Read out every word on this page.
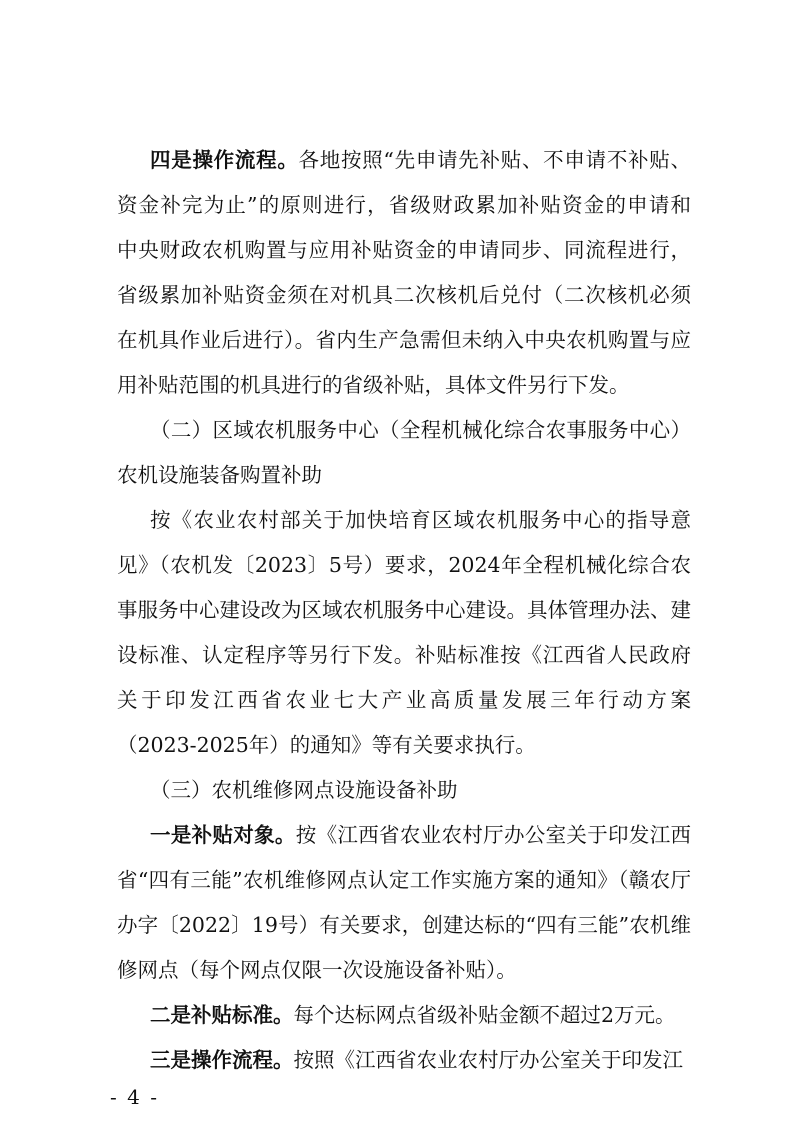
四是操作流程。各地按照“先申请先补贴、不申请不补贴、
资金补完为止”的原则进行，省级财政累加补贴资金的申请和
中央财政农机购置与应用补贴资金的申请同步、同流程进行，
省级累加补贴资金须在对机具二次核机后兑付（二次核机必须
在机具作业后进行）。省内生产急需但未纳入中央农机购置与应
用补贴范围的机具进行的省级补贴，具体文件另行下发。
（二）区域农机服务中心（全程机械化综合农事服务中心）
农机设施装备购置补助
按《农业农村部关于加快培育区域农机服务中心的指导意
见》（农机发〔2023〕5号）要求，2024年全程机械化综合农
事服务中心建设改为区域农机服务中心建设。具体管理办法、建
设标准、认定程序等另行下发。补贴标准按《江西省人民政府
关于印发江西省农业七大产业高质量发展三年行动方案
（2023-2025年）的通知》等有关要求执行。
（三）农机维修网点设施设备补助
一是补贴对象。按《江西省农业农村厅办公室关于印发江西
省“四有三能”农机维修网点认定工作实施方案的通知》（赣农厅
办字〔2022〕19号）有关要求，创建达标的“四有三能”农机维
修网点（每个网点仅限一次设施设备补贴）。
二是补贴标准。每个达标网点省级补贴金额不超过2万元。
三是操作流程。按照《江西省农业农村厅办公室关于印发江
- 4 -
